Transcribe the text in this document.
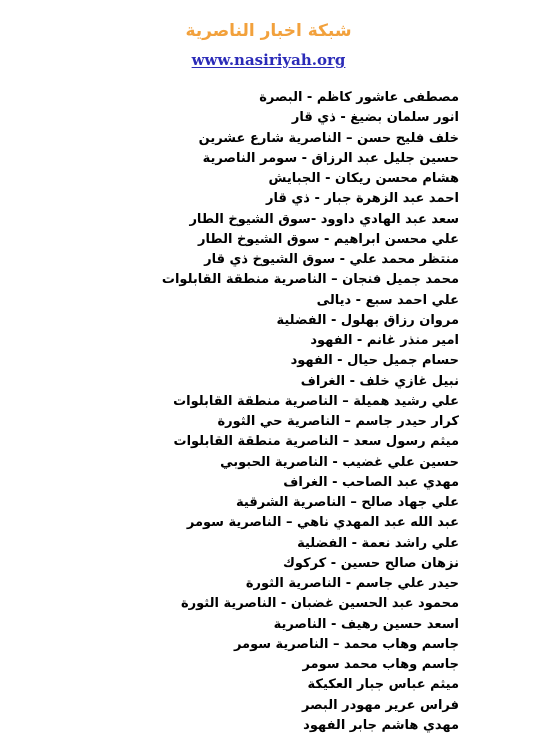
شبكة اخبار الناصرية
www.nasiriyah.org
مصطفى عاشور كاظم - البصرة
انور سلمان بضيغ - ذي قار
خلف فليح حسن – الناصرية شارع عشرين
حسين جليل عبد الرزاق - سومر الناصرية
هشام محسن ريكان - الجبايش
احمد عبد الزهرة جبار - ذي قار
سعد عبد الهادي داوود -سوق الشيوخ الطار
علي محسن ابراهيم - سوق الشيوخ الطار
منتظر محمد علي - سوق الشيوخ ذي قار
محمد جميل فنجان – الناصرية منطقة القابلوات
علي احمد سبع - ديالى
مروان رزاق بهلول - الفضلية
امير منذر غانم - الفهود
حسام جميل حيال - الفهود
نبيل غازي خلف - الغراف
علي رشيد هميلة – الناصرية منطقة القابلوات
كرار حيدر جاسم – الناصرية حي الثورة
ميثم رسول سعد – الناصرية منطقة القابلوات
حسين علي غضيب - الناصرية الحبوبي
مهدي عبد الصاحب - الغراف
علي جهاد صالح – الناصرية الشرقية
عبد الله عبد المهدي ناهي – الناصرية سومر
علي راشد نعمة - الفضلية
نزهان صالح حسين - كركوك
حيدر علي جاسم - الناصرية الثورة
محمود عبد الحسين غضبان - الناصرية الثورة
اسعد حسين رهيف - الناصرية
جاسم وهاب محمد – الناصرية سومر
جاسم وهاب محمد سومر
ميثم عباس جبار العكيكة
فراس عرير مهودر البصر
مهدي هاشم جابر الفهود
